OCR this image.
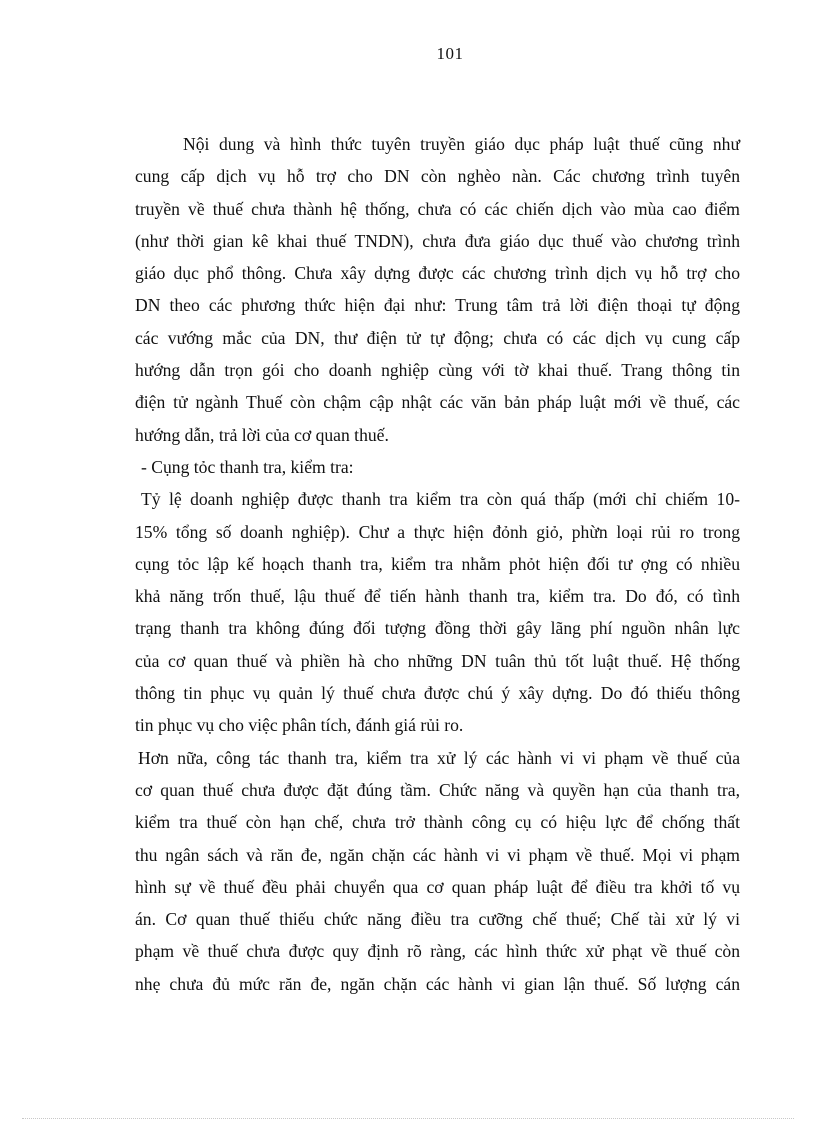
101
Nội dung và hình thức tuyên truyền giáo dục pháp luật thuế cũng như
cung cấp dịch vụ hỗ trợ cho DN còn nghèo nàn. Các chương trình tuyên
truyền về thuế chưa thành hệ thống, chưa có các chiến dịch vào mùa cao điểm
(như thời gian kê khai thuế TNDN), chưa đưa giáo dục thuế vào chương trình
giáo dục phổ thông. Chưa xây dựng được các chương trình dịch vụ hỗ trợ cho
DN theo các phương thức hiện đại như: Trung tâm trả lời điện thoại tự động
các vướng mắc của DN, thư điện tử tự động; chưa có các dịch vụ cung cấp
hướng dẫn trọn gói cho doanh nghiệp cùng với tờ khai thuế. Trang thông tin
điện tử ngành Thuế còn chậm cập nhật các văn bản pháp luật mới về thuế, các
hướng dẫn, trả lời của cơ quan thuế.
- Cụng tỏc thanh tra, kiểm tra:
Tỷ lệ doanh nghiệp được thanh tra kiểm tra còn quá thấp (mới chỉ chiếm 10-
15% tổng số doanh nghiệp). Chư a thực hiện đỏnh giỏ, phừn loại rủi ro trong
cụng tỏc lập kế hoạch thanh tra, kiểm tra nhằm phỏt hiện đối tư ợng có nhiều
khả năng trốn thuế, lậu thuế để tiến hành thanh tra, kiểm tra. Do đó, có tình
trạng thanh tra không đúng đối tượng đồng thời gây lãng phí nguồn nhân lực
của cơ quan thuế và phiền hà cho những DN tuân thủ tốt luật thuế. Hệ thống
thông tin phục vụ quản lý thuế chưa được chú ý xây dựng. Do đó thiếu thông
tin phục vụ cho việc phân tích, đánh giá rủi ro.
Hơn nữa, công tác thanh tra, kiểm tra xử lý các hành vi vi phạm về thuế của
cơ quan thuế chưa được đặt đúng tầm. Chức năng và quyền hạn của thanh tra,
kiểm tra thuế còn hạn chế, chưa trở thành công cụ có hiệu lực để chống thất
thu ngân sách và răn đe, ngăn chặn các hành vi vi phạm về thuế. Mọi vi phạm
hình sự về thuế đều phải chuyển qua cơ quan pháp luật để điều tra khởi tố vụ
án. Cơ quan thuế thiếu chức năng điều tra cưỡng chế thuế; Chế tài xử lý vi
phạm về thuế chưa được quy định rõ ràng, các hình thức xử phạt về thuế còn
nhẹ chưa đủ mức răn đe, ngăn chặn các hành vi gian lận thuế. Số lượng cán
